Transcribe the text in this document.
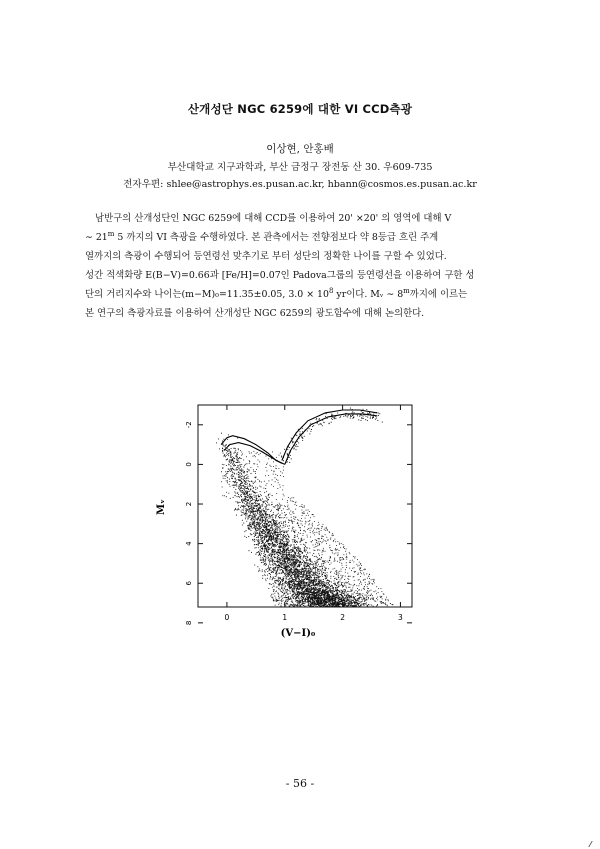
산개성단 NGC 6259에 대한 VI CCD측광
이상현, 안홍배
부산대학교 지구과학과, 부산 금정구 장전동 산 30. 우609-735
전자우편: shlee@astrophys.es.pusan.ac.kr, hbann@cosmos.es.pusan.ac.kr
남반구의 산개성단인 NGC 6259에 대해 CCD를 이용하여 20' ×20' 의 영역에 대해 V
∼ 21$^m$ 5 까지의 VI 측광을 수행하였다. 본 관측에서는 전향점보다 약 8등급 흐린 주계
열까지의 측광이 수행되어 등연령선 맞추기로 부터 성단의 정확한 나이를 구할 수 있었다.
성간 적색화량 E(B−V)=0.66과 [Fe/H]=0.07인 Padova그룹의 등연령선을 이용하여 구한 성
단의 거리지수와 나이는(m−M)₀=11.35±0.05, $3.0 \times 10^8$ yr이다. Mᵥ ∼ 8$^m$까지에 이르는
본 연구의 측광자료를 이용하여 산개성단 NGC 6259의 광도함수에 대해 논의한다.
0	1	2	3
-2
0
2
4
6
8
(V−I)₀
Mᵥ
- 56 -
